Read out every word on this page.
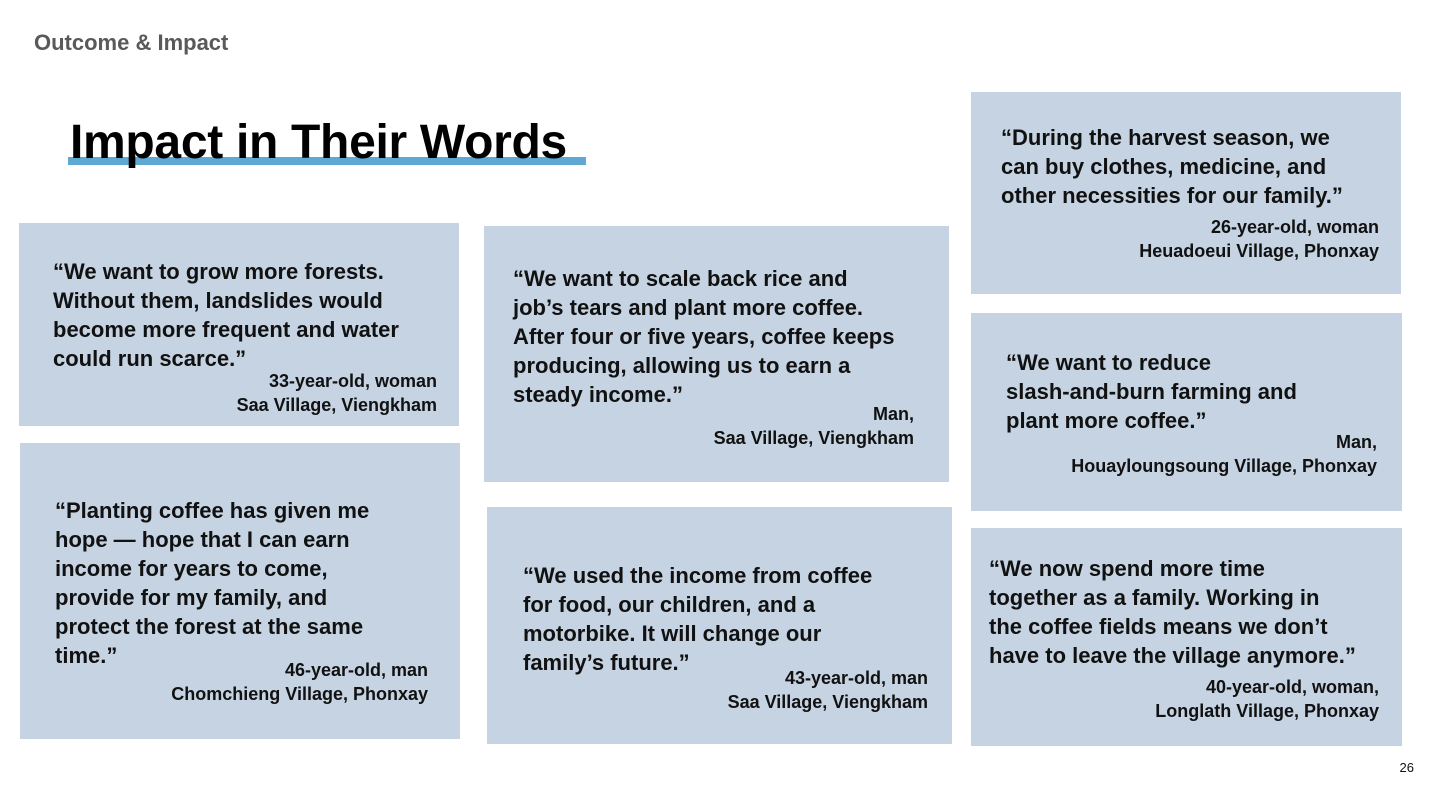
Outcome & Impact
Impact in Their Words
“We want to grow more forests.
Without them, landslides would
become more frequent and water
could run scarce.”
33-year-old, woman
Saa Village, Viengkham
“Planting coffee has given me
hope — hope that I can earn
income for years to come,
provide for my family, and
protect the forest at the same
time.”
46-year-old, man
Chomchieng Village, Phonxay
“We want to scale back rice and
job’s tears and plant more coffee.
After four or five years, coffee keeps
producing, allowing us to earn a
steady income.”
Man,
Saa Village, Viengkham
“We used the income from coffee
for food, our children, and a
motorbike. It will change our
family’s future.”
43-year-old, man
Saa Village, Viengkham
“During the harvest season, we
can buy clothes, medicine, and
other necessities for our family.”
26-year-old, woman
Heuadoeui Village, Phonxay
“We want to reduce
slash-and-burn farming and
plant more coffee.”
Man,
Houayloungsoung Village, Phonxay
“We now spend more time
together as a family. Working in
the coffee fields means we don’t
have to leave the village anymore.”
40-year-old, woman,
Longlath Village, Phonxay
26
